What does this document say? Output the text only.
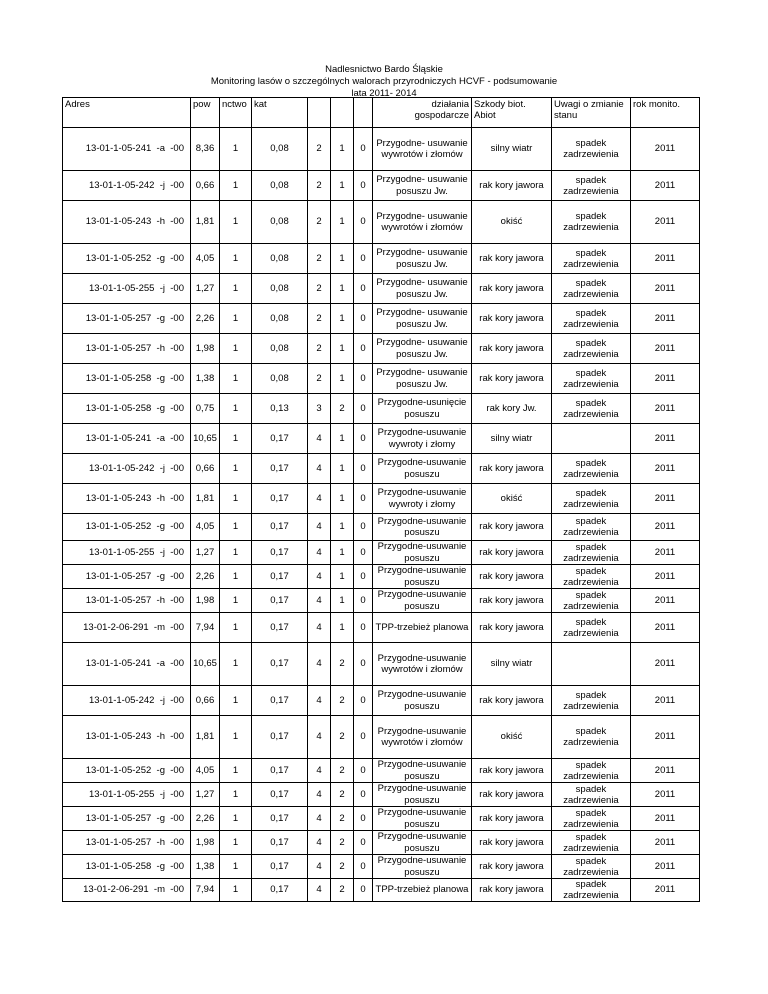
Nadlesnictwo Bardo Śląskie
Monitoring lasów o szczególnych walorach przyrodniczych HCVF - podsumowanie
lata 2011- 2014
Adres	pow	nctwo	kat				działania gospodarcze	Szkody biot. Abiot	Uwagi o zmianie stanu	rok monito.
13-01-1-05-241  -a  -00	8,36	1	0,08	2	1	0	Przygodne- usuwanie wywrotów i złomów	silny wiatr	spadek zadrzewienia	2011
13-01-1-05-242  -j  -00	0,66	1	0,08	2	1	0	Przygodne- usuwanie posuszu Jw.	rak kory jawora	spadek zadrzewienia	2011
13-01-1-05-243  -h  -00	1,81	1	0,08	2	1	0	Przygodne- usuwanie wywrotów i złomów	okiść	spadek zadrzewienia	2011
13-01-1-05-252  -g  -00	4,05	1	0,08	2	1	0	Przygodne- usuwanie posuszu Jw.	rak kory jawora	spadek zadrzewienia	2011
13-01-1-05-255  -j  -00	1,27	1	0,08	2	1	0	Przygodne- usuwanie posuszu Jw.	rak kory jawora	spadek zadrzewienia	2011
13-01-1-05-257  -g  -00	2,26	1	0,08	2	1	0	Przygodne- usuwanie posuszu Jw.	rak kory jawora	spadek zadrzewienia	2011
13-01-1-05-257  -h  -00	1,98	1	0,08	2	1	0	Przygodne- usuwanie posuszu Jw.	rak kory jawora	spadek zadrzewienia	2011
13-01-1-05-258  -g  -00	1,38	1	0,08	2	1	0	Przygodne- usuwanie posuszu Jw.	rak kory jawora	spadek zadrzewienia	2011
13-01-1-05-258  -g  -00	0,75	1	0,13	3	2	0	Przygodne-usunięcie posuszu	rak kory Jw.	spadek zadrzewienia	2011
13-01-1-05-241  -a  -00	10,65	1	0,17	4	1	0	Przygodne-usuwanie wywroty i złomy	silny wiatr		2011
13-01-1-05-242  -j  -00	0,66	1	0,17	4	1	0	Przygodne-usuwanie posuszu	rak kory jawora	spadek zadrzewienia	2011
13-01-1-05-243  -h  -00	1,81	1	0,17	4	1	0	Przygodne-usuwanie wywroty i złomy	okiść	spadek zadrzewienia	2011
13-01-1-05-252  -g  -00	4,05	1	0,17	4	1	0	Przygodne-usuwanie posuszu	rak kory jawora	spadek zadrzewienia	2011
13-01-1-05-255  -j  -00	1,27	1	0,17	4	1	0	Przygodne-usuwanie posuszu	rak kory jawora	spadek zadrzewienia	2011
13-01-1-05-257  -g  -00	2,26	1	0,17	4	1	0	Przygodne-usuwanie posuszu	rak kory jawora	spadek zadrzewienia	2011
13-01-1-05-257  -h  -00	1,98	1	0,17	4	1	0	Przygodne-usuwanie posuszu	rak kory jawora	spadek zadrzewienia	2011
13-01-2-06-291  -m  -00	7,94	1	0,17	4	1	0	TPP-trzebież planowa	rak kory jawora	spadek zadrzewienia	2011
13-01-1-05-241  -a  -00	10,65	1	0,17	4	2	0	Przygodne-usuwanie wywrotów i złomów	silny wiatr		2011
13-01-1-05-242  -j  -00	0,66	1	0,17	4	2	0	Przygodne-usuwanie posuszu	rak kory jawora	spadek zadrzewienia	2011
13-01-1-05-243  -h  -00	1,81	1	0,17	4	2	0	Przygodne-usuwanie wywrotów i złomów	okiść	spadek zadrzewienia	2011
13-01-1-05-252  -g  -00	4,05	1	0,17	4	2	0	Przygodne-usuwanie posuszu	rak kory jawora	spadek zadrzewienia	2011
13-01-1-05-255  -j  -00	1,27	1	0,17	4	2	0	Przygodne-usuwanie posuszu	rak kory jawora	spadek zadrzewienia	2011
13-01-1-05-257  -g  -00	2,26	1	0,17	4	2	0	Przygodne-usuwanie posuszu	rak kory jawora	spadek zadrzewienia	2011
13-01-1-05-257  -h  -00	1,98	1	0,17	4	2	0	Przygodne-usuwanie posuszu	rak kory jawora	spadek zadrzewienia	2011
13-01-1-05-258  -g  -00	1,38	1	0,17	4	2	0	Przygodne-usuwanie posuszu	rak kory jawora	spadek zadrzewienia	2011
13-01-2-06-291  -m  -00	7,94	1	0,17	4	2	0	TPP-trzebież planowa	rak kory jawora	spadek zadrzewienia	2011
